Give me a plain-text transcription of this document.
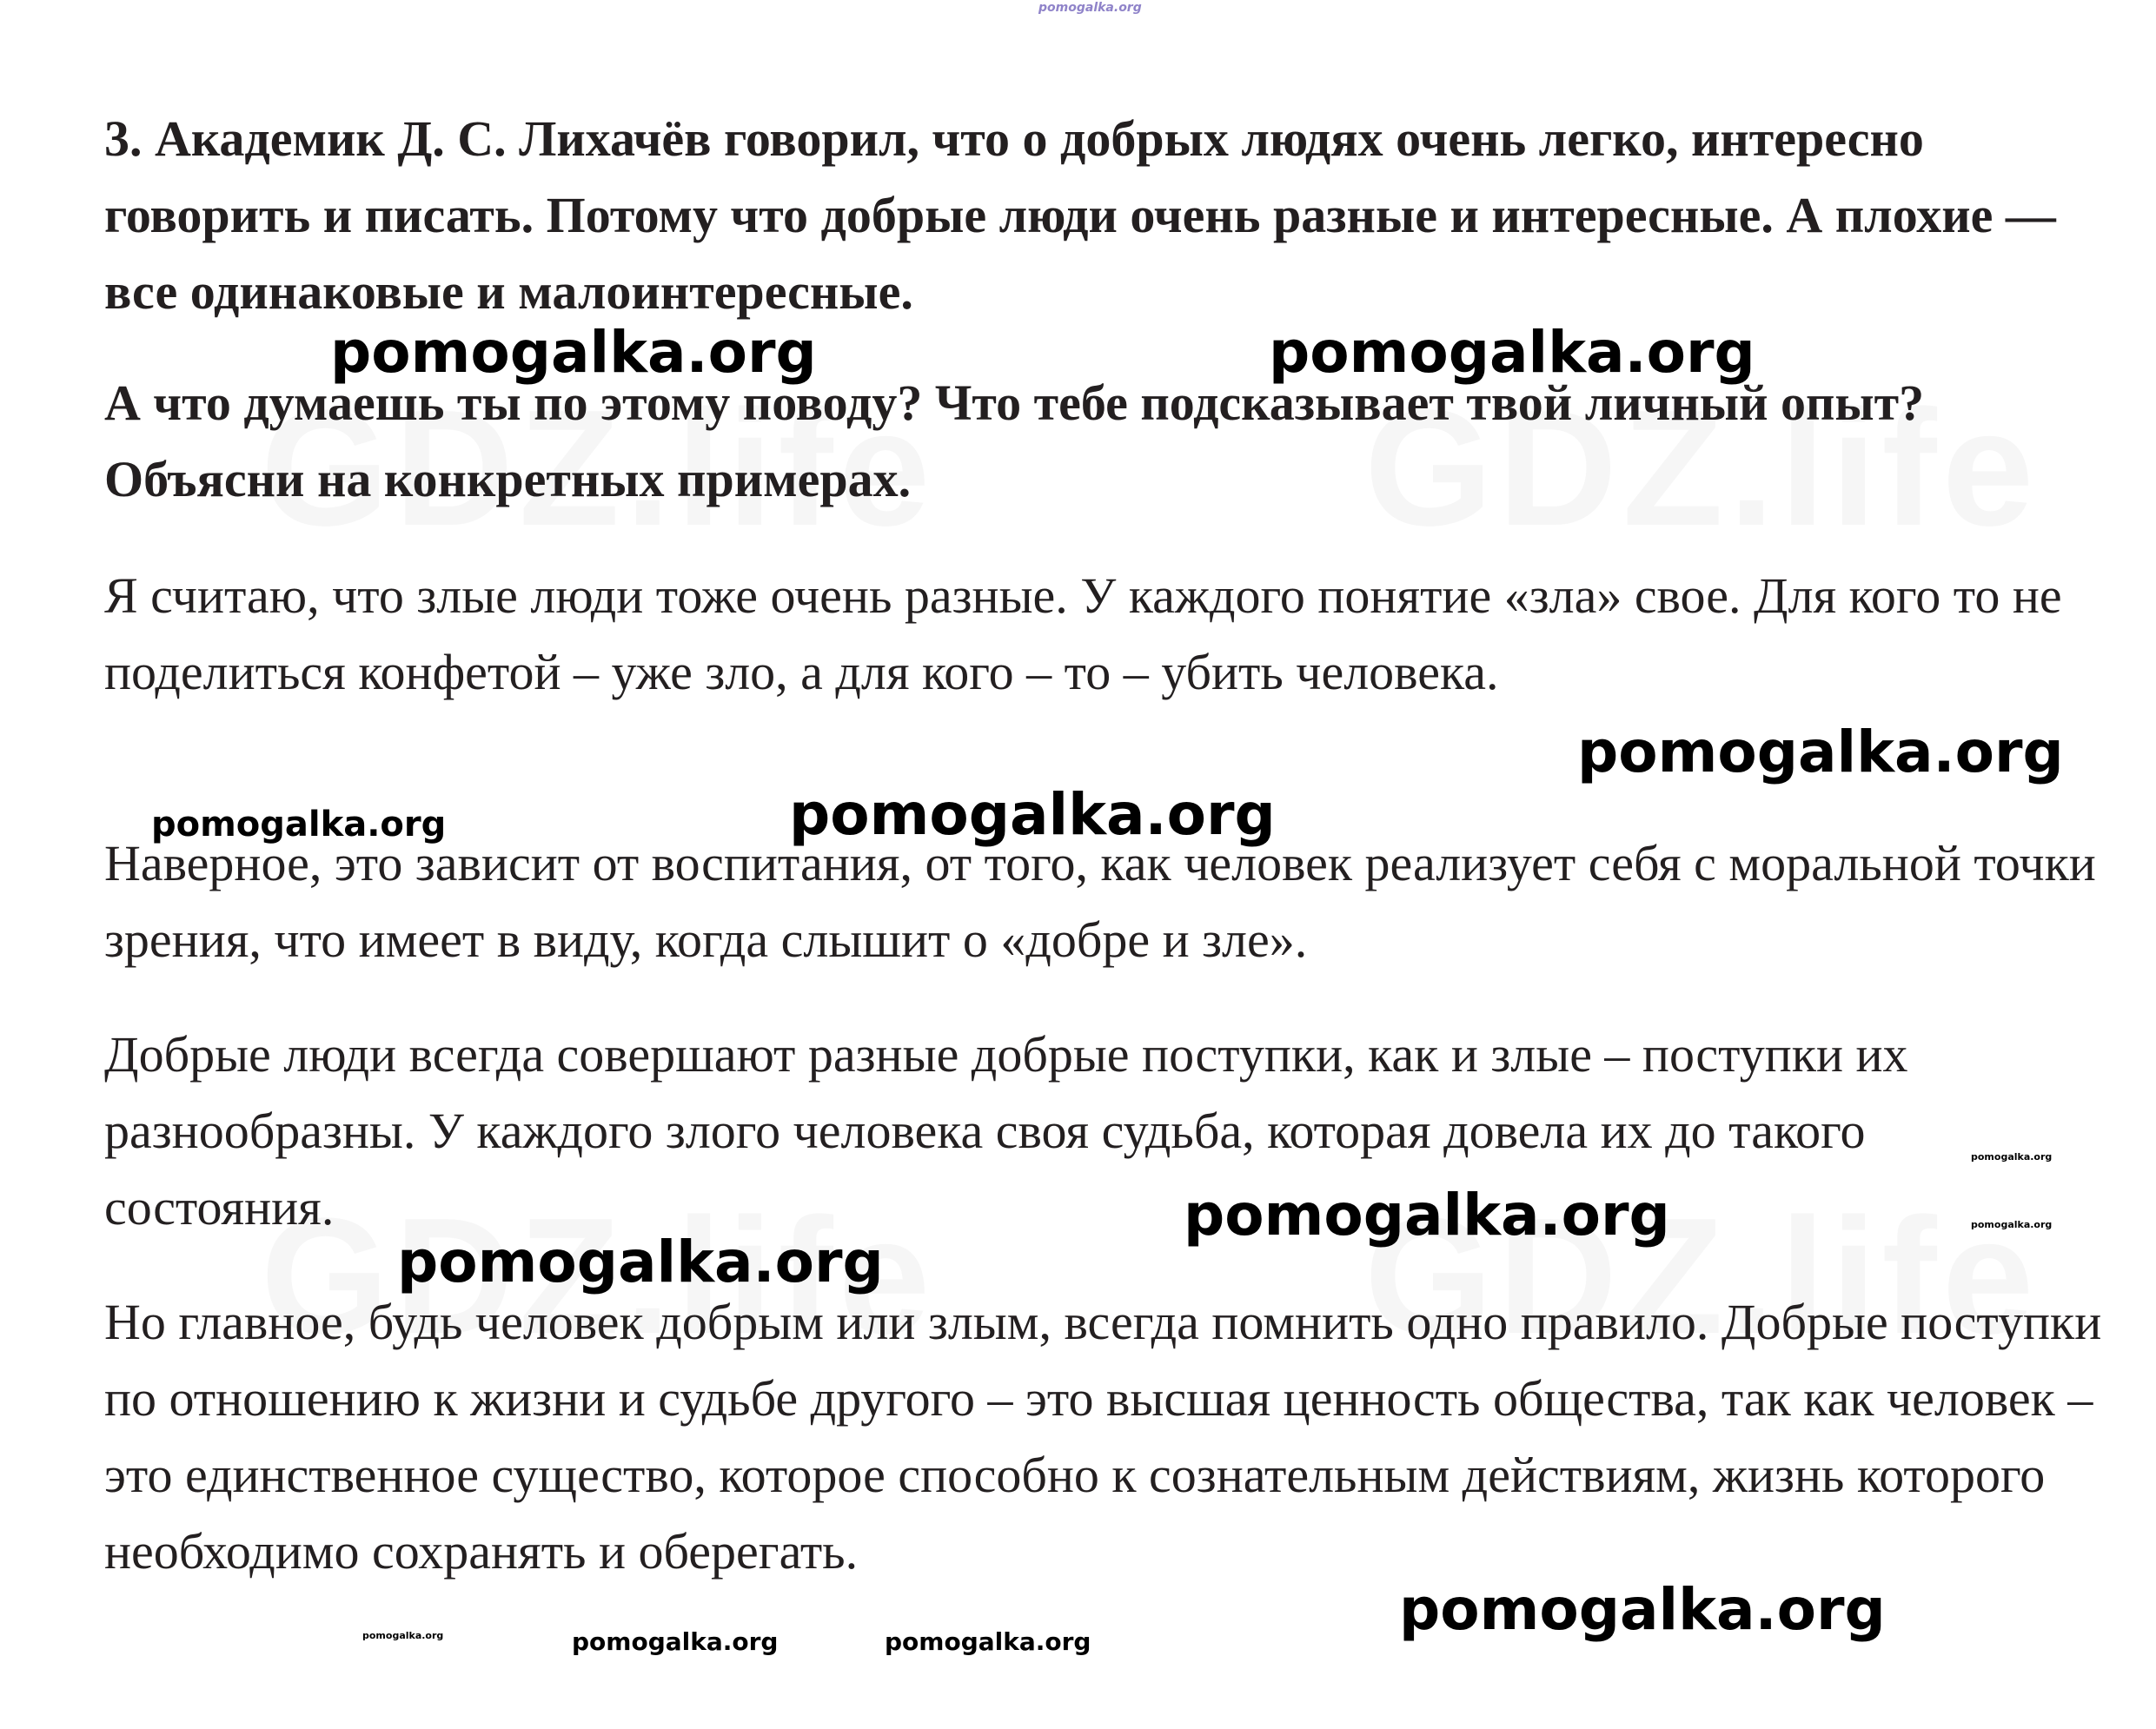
3. Академик Д. С. Лихачёв говорил, что о добрых людях очень легко, интересно говорить и писать. Потому что добрые люди очень разные и интересные. А плохие — все одинаковые и малоинтересные.

А что думаешь ты по этому поводу? Что тебе подсказывает твой личный опыт? Объясни на конкретных примерах.

Я считаю, что злые люди тоже очень разные. У каждого понятие «зла» свое. Для кого то не поделиться конфетой – уже зло, а для кого – то – убить человека.

Наверное, это зависит от воспитания, от того, как человек реализует себя с моральной точки зрения, что имеет в виду, когда слышит о «добре и зле».

Добрые люди всегда совершают разные добрые поступки, как и злые – поступки их разнообразны. У каждого злого человека своя судьба, которая довела их до такого состояния.

Но главное, будь человек добрым или злым, всегда помнить одно правило. Добрые поступки по отношению к жизни и судьбе другого – это высшая ценность общества, так как человек – это единственное существо, которое способно к сознательным действиям, жизнь которого необходимо сохранять и оберегать.

pomogalka.org
pomogalka.org	pomogalka.org
pomogalka.org
pomogalka.org
pomogalka.org
pomogalka.org
pomogalka.org	pomogalka.org
pomogalka.org
pomogalka.org
pomogalka.org	pomogalka.org	pomogalka.org
